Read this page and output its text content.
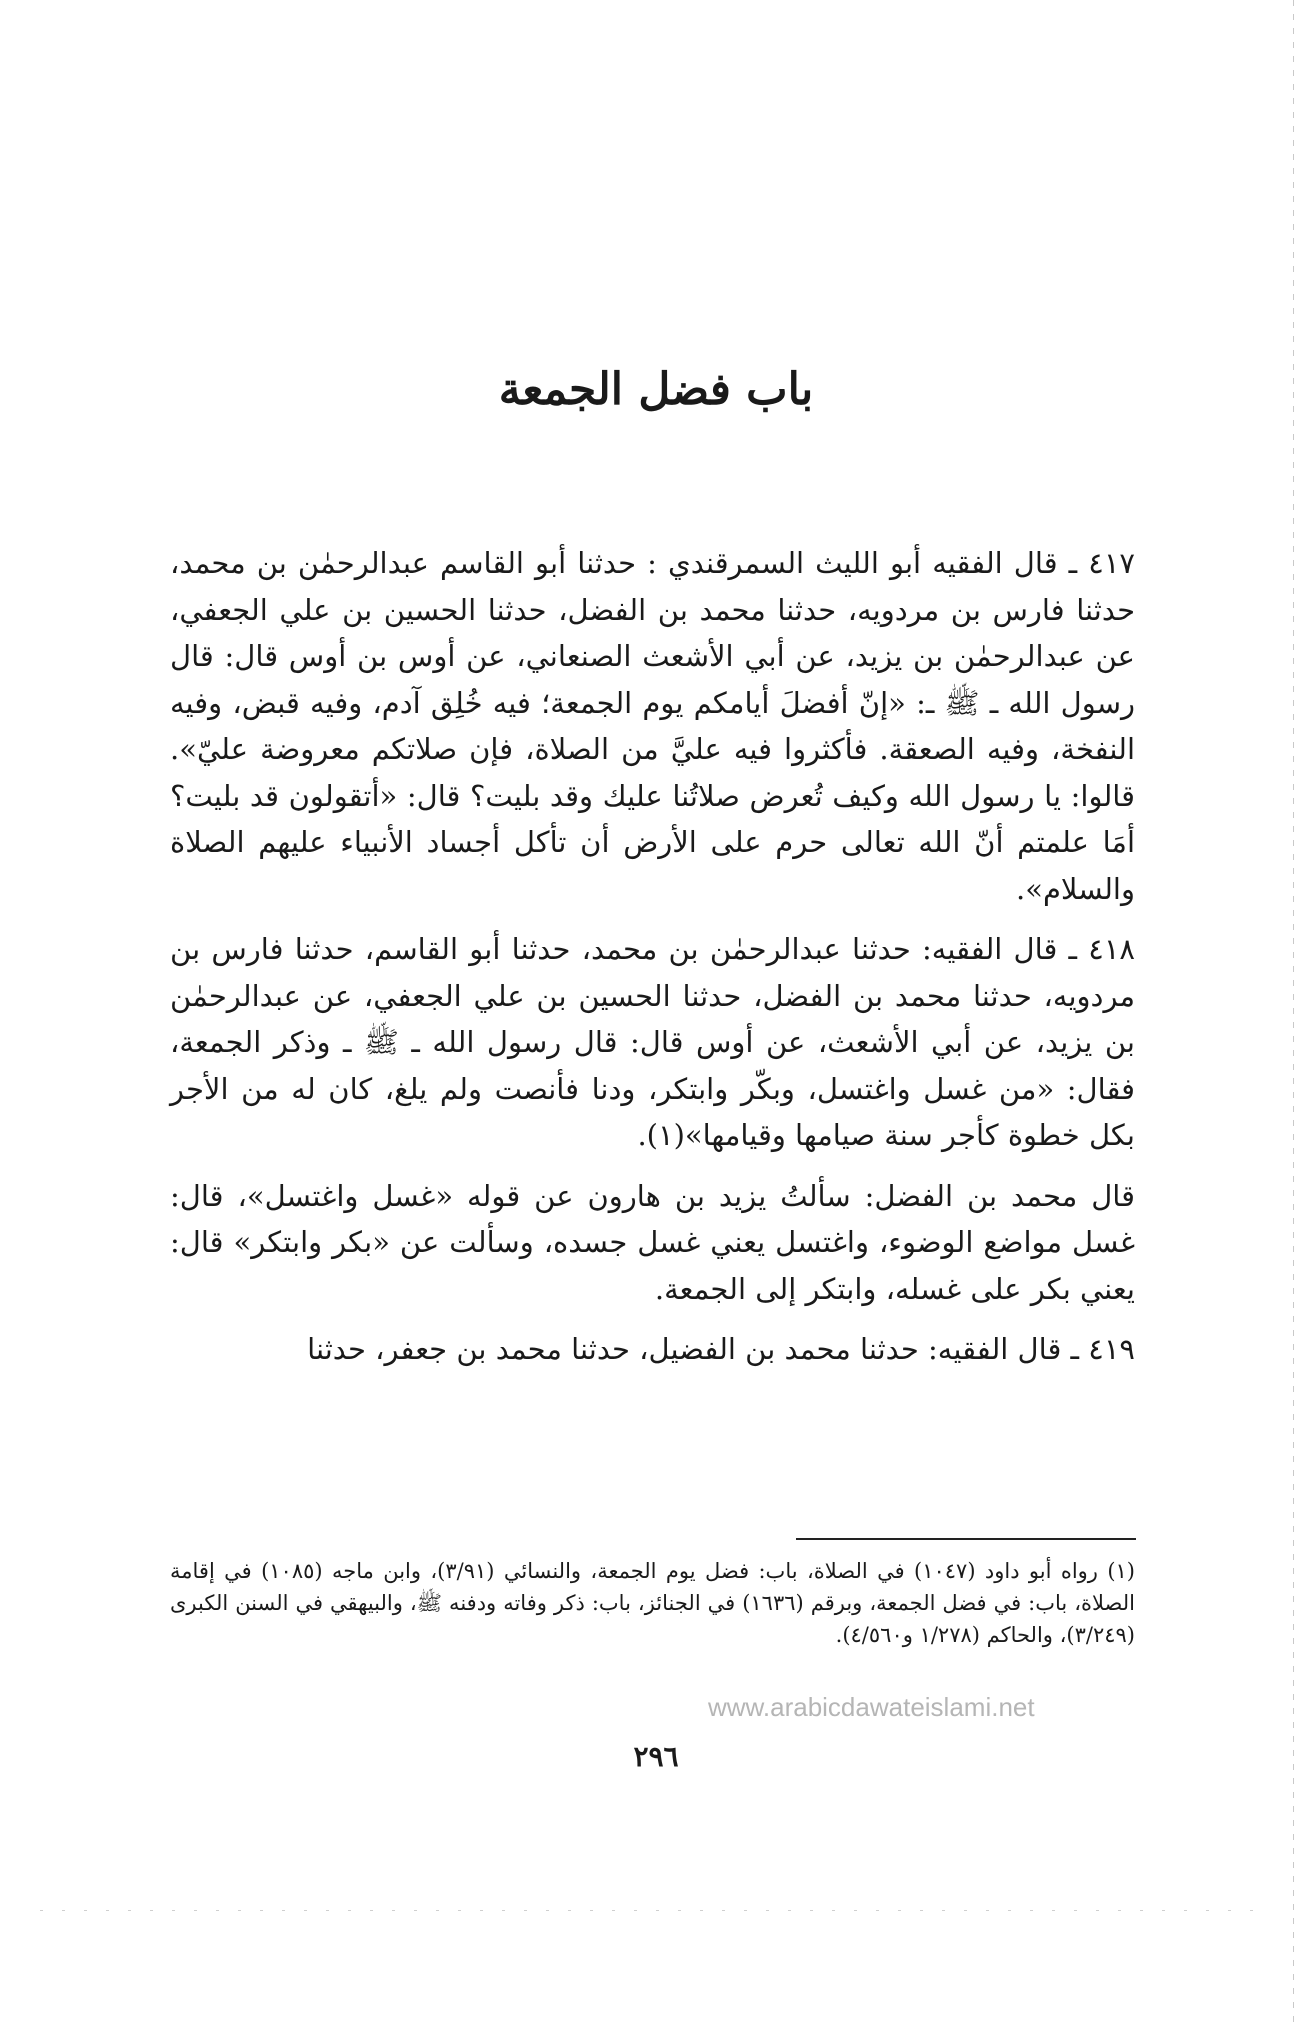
باب فضل الجمعة

٤١٧ ـ قال الفقيه أبو الليث السمرقندي : حدثنا أبو القاسم عبدالرحمٰن بن محمد، حدثنا فارس بن مردويه، حدثنا محمد بن الفضل، حدثنا الحسين بن علي الجعفي، عن عبدالرحمٰن بن يزيد، عن أبي الأشعث الصنعاني، عن أوس بن أوس قال: قال رسول الله ـ ﷺ ـ: «إنّ أفضلَ أيامكم يوم الجمعة؛ فيه خُلِق آدم، وفيه قبض، وفيه النفخة، وفيه الصعقة. فأكثروا فيه عليَّ من الصلاة، فإن صلاتكم معروضة عليّ». قالوا: يا رسول الله وكيف تُعرض صلاتُنا عليك وقد بليت؟ قال: «أتقولون قد بليت؟ أمَا علمتم أنّ الله تعالى حرم على الأرض أن تأكل أجساد الأنبياء عليهم الصلاة والسلام».

٤١٨ ـ قال الفقيه: حدثنا عبدالرحمٰن بن محمد، حدثنا أبو القاسم، حدثنا فارس بن مردويه، حدثنا محمد بن الفضل، حدثنا الحسين بن علي الجعفي، عن عبدالرحمٰن بن يزيد، عن أبي الأشعث، عن أوس قال: قال رسول الله ـ ﷺ ـ وذكر الجمعة، فقال: «من غسل واغتسل، وبكّر وابتكر، ودنا فأنصت ولم يلغ، كان له من الأجر بكل خطوة كأجر سنة صيامها وقيامها»(١).

قال محمد بن الفضل: سألتُ يزيد بن هارون عن قوله «غسل واغتسل»، قال: غسل مواضع الوضوء، واغتسل يعني غسل جسده، وسألت عن «بكر وابتكر» قال: يعني بكر على غسله، وابتكر إلى الجمعة.

٤١٩ ـ قال الفقيه: حدثنا محمد بن الفضيل، حدثنا محمد بن جعفر، حدثنا

(١) رواه أبو داود (١٠٤٧) في الصلاة، باب: فضل يوم الجمعة، والنسائي (٣/٩١)، وابن ماجه (١٠٨٥) في إقامة الصلاة، باب: في فضل الجمعة، وبرقم (١٦٣٦) في الجنائز، باب: ذكر وفاته ودفنه ﷺ، والبيهقي في السنن الكبرى (٣/٢٤٩)، والحاكم (١/٢٧٨ و٤/٥٦٠).

www.arabicdawateislami.net
٢٩٦
